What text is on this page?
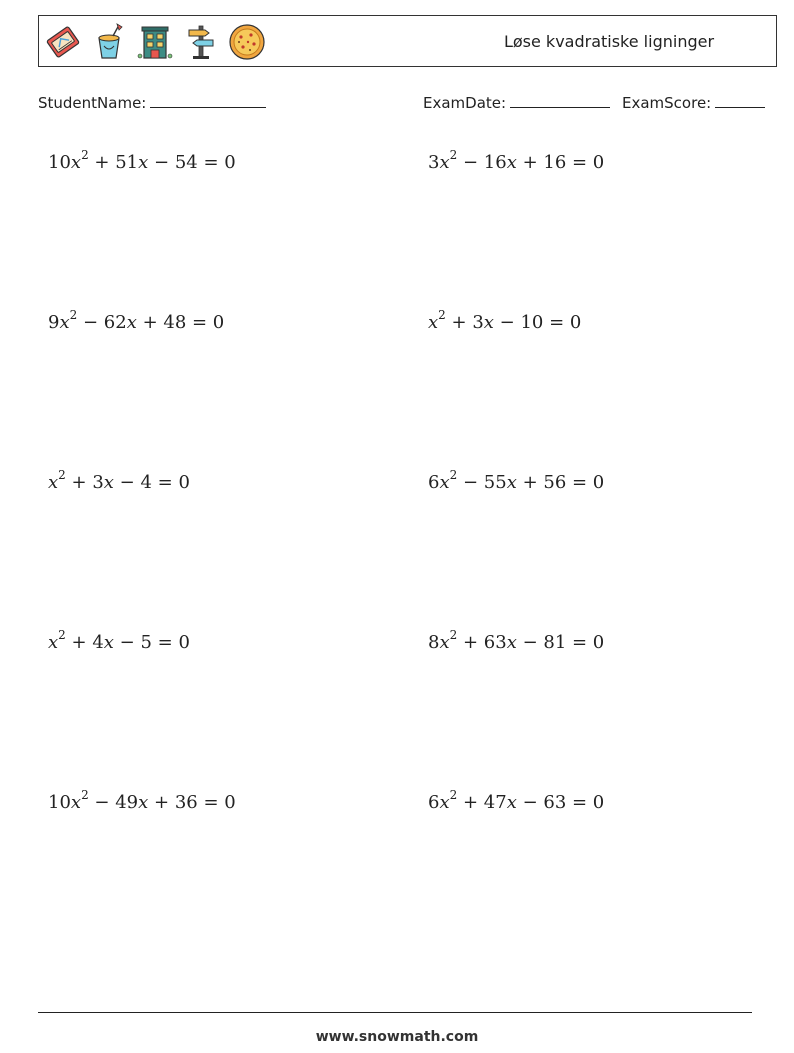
Løse kvadratiske ligninger
StudentName:	ExamDate:	ExamScore:
$10x^2 + 51x - 54 = 0$	$3x^2 - 16x + 16 = 0$
$9x^2 - 62x + 48 = 0$	$x^2 + 3x - 10 = 0$
$x^2 + 3x - 4 = 0$	$6x^2 - 55x + 56 = 0$
$x^2 + 4x - 5 = 0$	$8x^2 + 63x - 81 = 0$
$10x^2 - 49x + 36 = 0$	$6x^2 + 47x - 63 = 0$
www.snowmath.com
